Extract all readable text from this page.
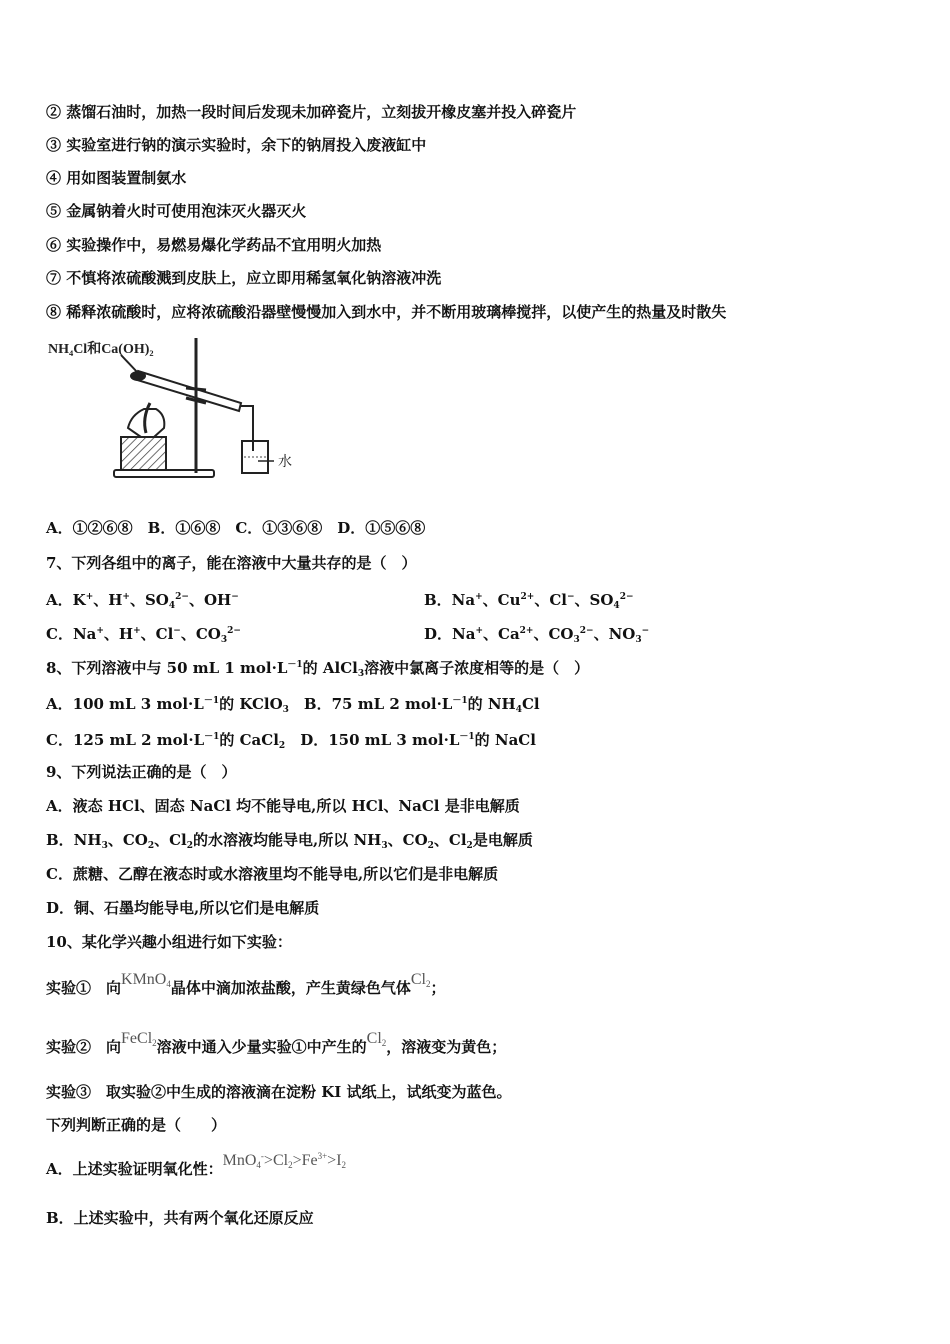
② 蒸馏石油时，加热一段时间后发现未加碎瓷片，立刻拔开橡皮塞并投入碎瓷片
③ 实验室进行钠的演示实验时，余下的钠屑投入废液缸中
④ 用如图装置制氨水
⑤ 金属钠着火时可使用泡沫灭火器灭火
⑥ 实验操作中，易燃易爆化学药品不宜用明火加热
⑦ 不慎将浓硫酸溅到皮肤上，应立即用稀氢氧化钠溶液冲洗
⑧ 稀释浓硫酸时，应将浓硫酸沿器壁慢慢加入到水中，并不断用玻璃棒搅拌，以使产生的热量及时散失
A．①②⑥⑧　B．①⑥⑧　C．①③⑥⑧　D．①⑤⑥⑧
7、下列各组中的离子，能在溶液中大量共存的是（　）
A．K+、H+、$SO_4^{2-}$、OH−	B．Na+、$Cu^{2+}$、Cl−、$SO_4^{2-}$
C．Na+、H+、Cl−、$CO_3^{2-}$	D．Na+、$Ca^{2+}$、$CO_3^{2-}$、$NO_3^-$
8、下列溶液中与 50 mL 1 $mol\cdot L^{-1}$的 AlCl$_3$溶液中氯离子浓度相等的是（　）
A．100 mL 3 $mol\cdot L^{-1}$的 KClO$_3$　B．75 mL 2 $mol\cdot L^{-1}$的 $NH_4Cl$
C．125 mL 2 $mol\cdot L^{-1}$的 CaCl$_2$　D．150 mL 3 $mol\cdot L^{-1}$的 NaCl
9、下列说法正确的是（　）
A．液态 HCl、固态 NaCl 均不能导电,所以 HCl、NaCl 是非电解质
B．$NH_3$、$CO_2$、$Cl_2$的水溶液均能导电,所以 $NH_3$、$CO_2$、$Cl_2$是电解质
C．蔗糖、乙醇在液态时或水溶液里均不能导电,所以它们是非电解质
D．铜、石墨均能导电,所以它们是电解质
10、某化学兴趣小组进行如下实验：
实验①　向KMnO$_4$晶体中滴加浓盐酸，产生黄绿色气体$Cl_2$；
实验②　向FeCl$_2$溶液中通入少量实验①中产生的$Cl_2$，溶液变为黄色；
实验③　取实验②中生成的溶液滴在淀粉 KI 试纸上，试纸变为蓝色。
下列判断正确的是（　　）
A．上述实验证明氧化性：$MnO_4^->Cl_2>Fe^{3+}>I_2$
B．上述实验中，共有两个氧化还原反应
NH₄Cl和Ca(OH)₂
水
